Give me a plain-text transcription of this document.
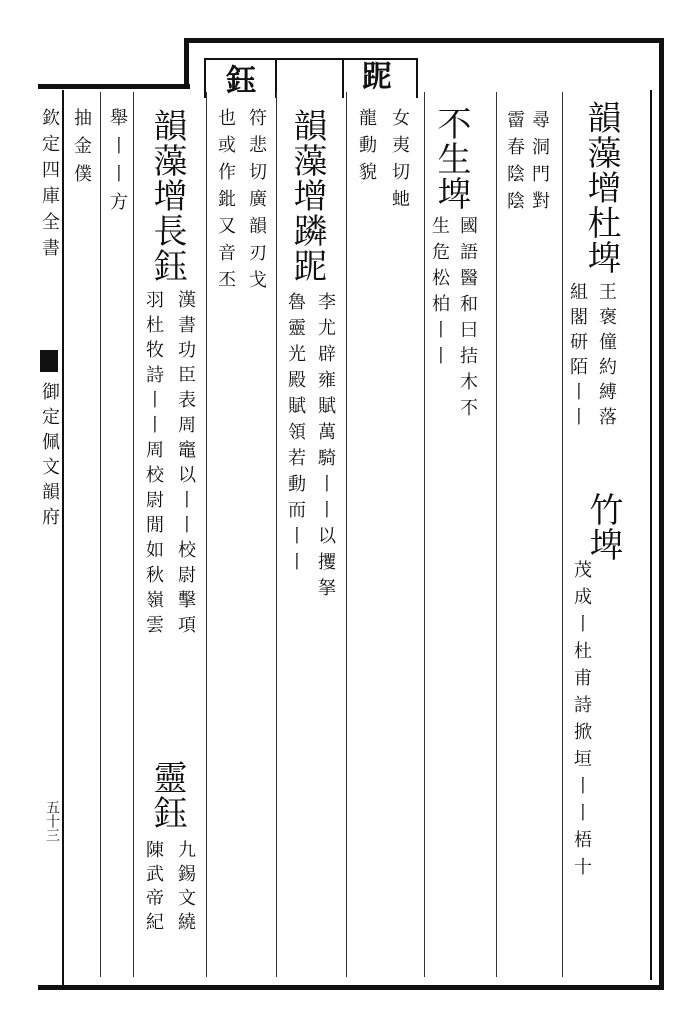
跜
鈺
欽定四庫全書
御定佩文韻府
五十三
韻藻增杜埤
王褒僮約縛落
竹埤
組閣研陌丨丨
茂成丨杜甫詩掀垣丨丨梧十
尋洞門對
霤春陰陰
不生埤
國語醫和曰拮木不
生危松柏丨丨
女夷切虵
龍動貌
韻藻增蹸跜
李尤辟雍賦萬騎丨丨以攫拏
魯靈光殿賦領若動而丨丨
符悲切廣韻刃戈
也或作鈚又音丕
韻藻增長鈺
漢書功臣表周竈以丨丨校尉擊項
羽杜牧詩丨丨周校尉閒如秋嶺雲
靈鈺
九錫文繞
陳武帝紀
舉丨丨方
抽金僕
